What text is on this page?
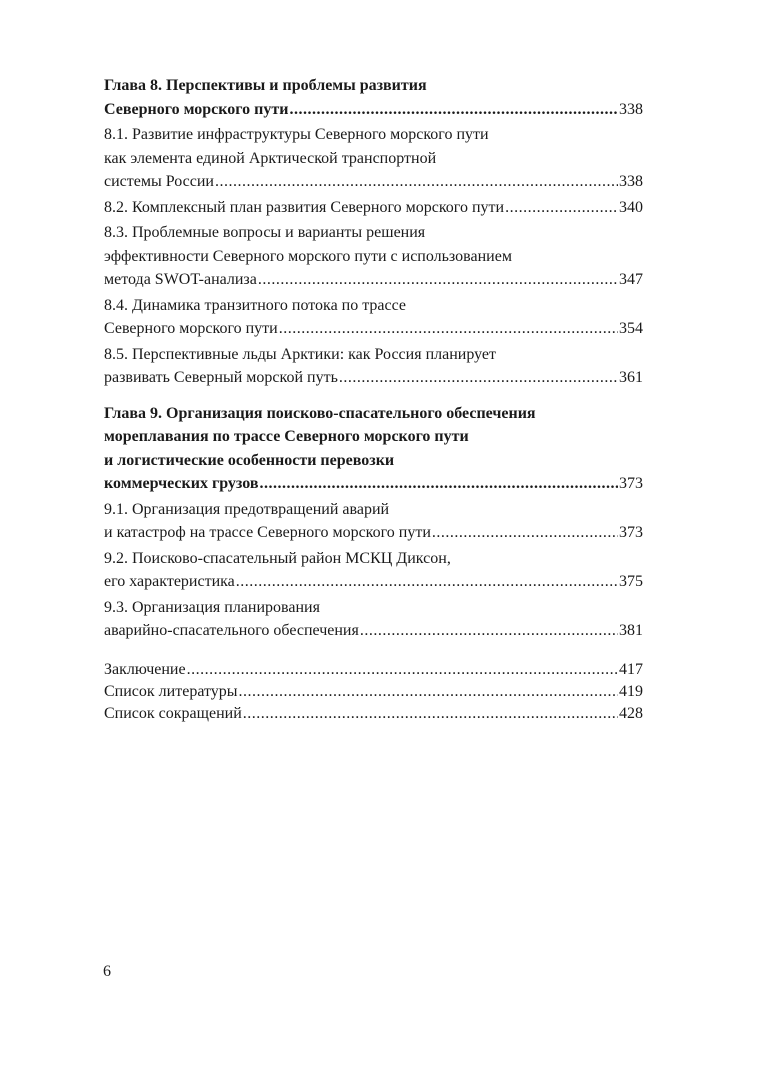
Глава 8. Перспективы и проблемы развития
Северного морского пути .....	338
8.1. Развитие инфраструктуры Северного морского пути
как элемента единой Арктической транспортной
системы России .....	338
8.2. Комплексный план развития Северного морского пути .....	340
8.3. Проблемные вопросы и варианты решения
эффективности Северного морского пути с использованием
метода SWOT-анализа .....	347
8.4. Динамика транзитного потока по трассе
Северного морского пути .....	354
8.5. Перспективные льды Арктики: как Россия планирует
развивать Северный морской путь .....	361
Глава 9. Организация поисково-спасательного обеспечения
мореплавания по трассе Северного морского пути
и логистические особенности перевозки
коммерческих грузов .....	373
9.1. Организация предотвращений аварий
и катастроф на трассе Северного морского пути .....	373
9.2. Поисково-спасательный район МСКЦ Диксон,
его характеристика .....	375
9.3. Организация планирования
аварийно-спасательного обеспечения .....	381
Заключение .....	417
Список литературы .....	419
Список сокращений .....	428
6
